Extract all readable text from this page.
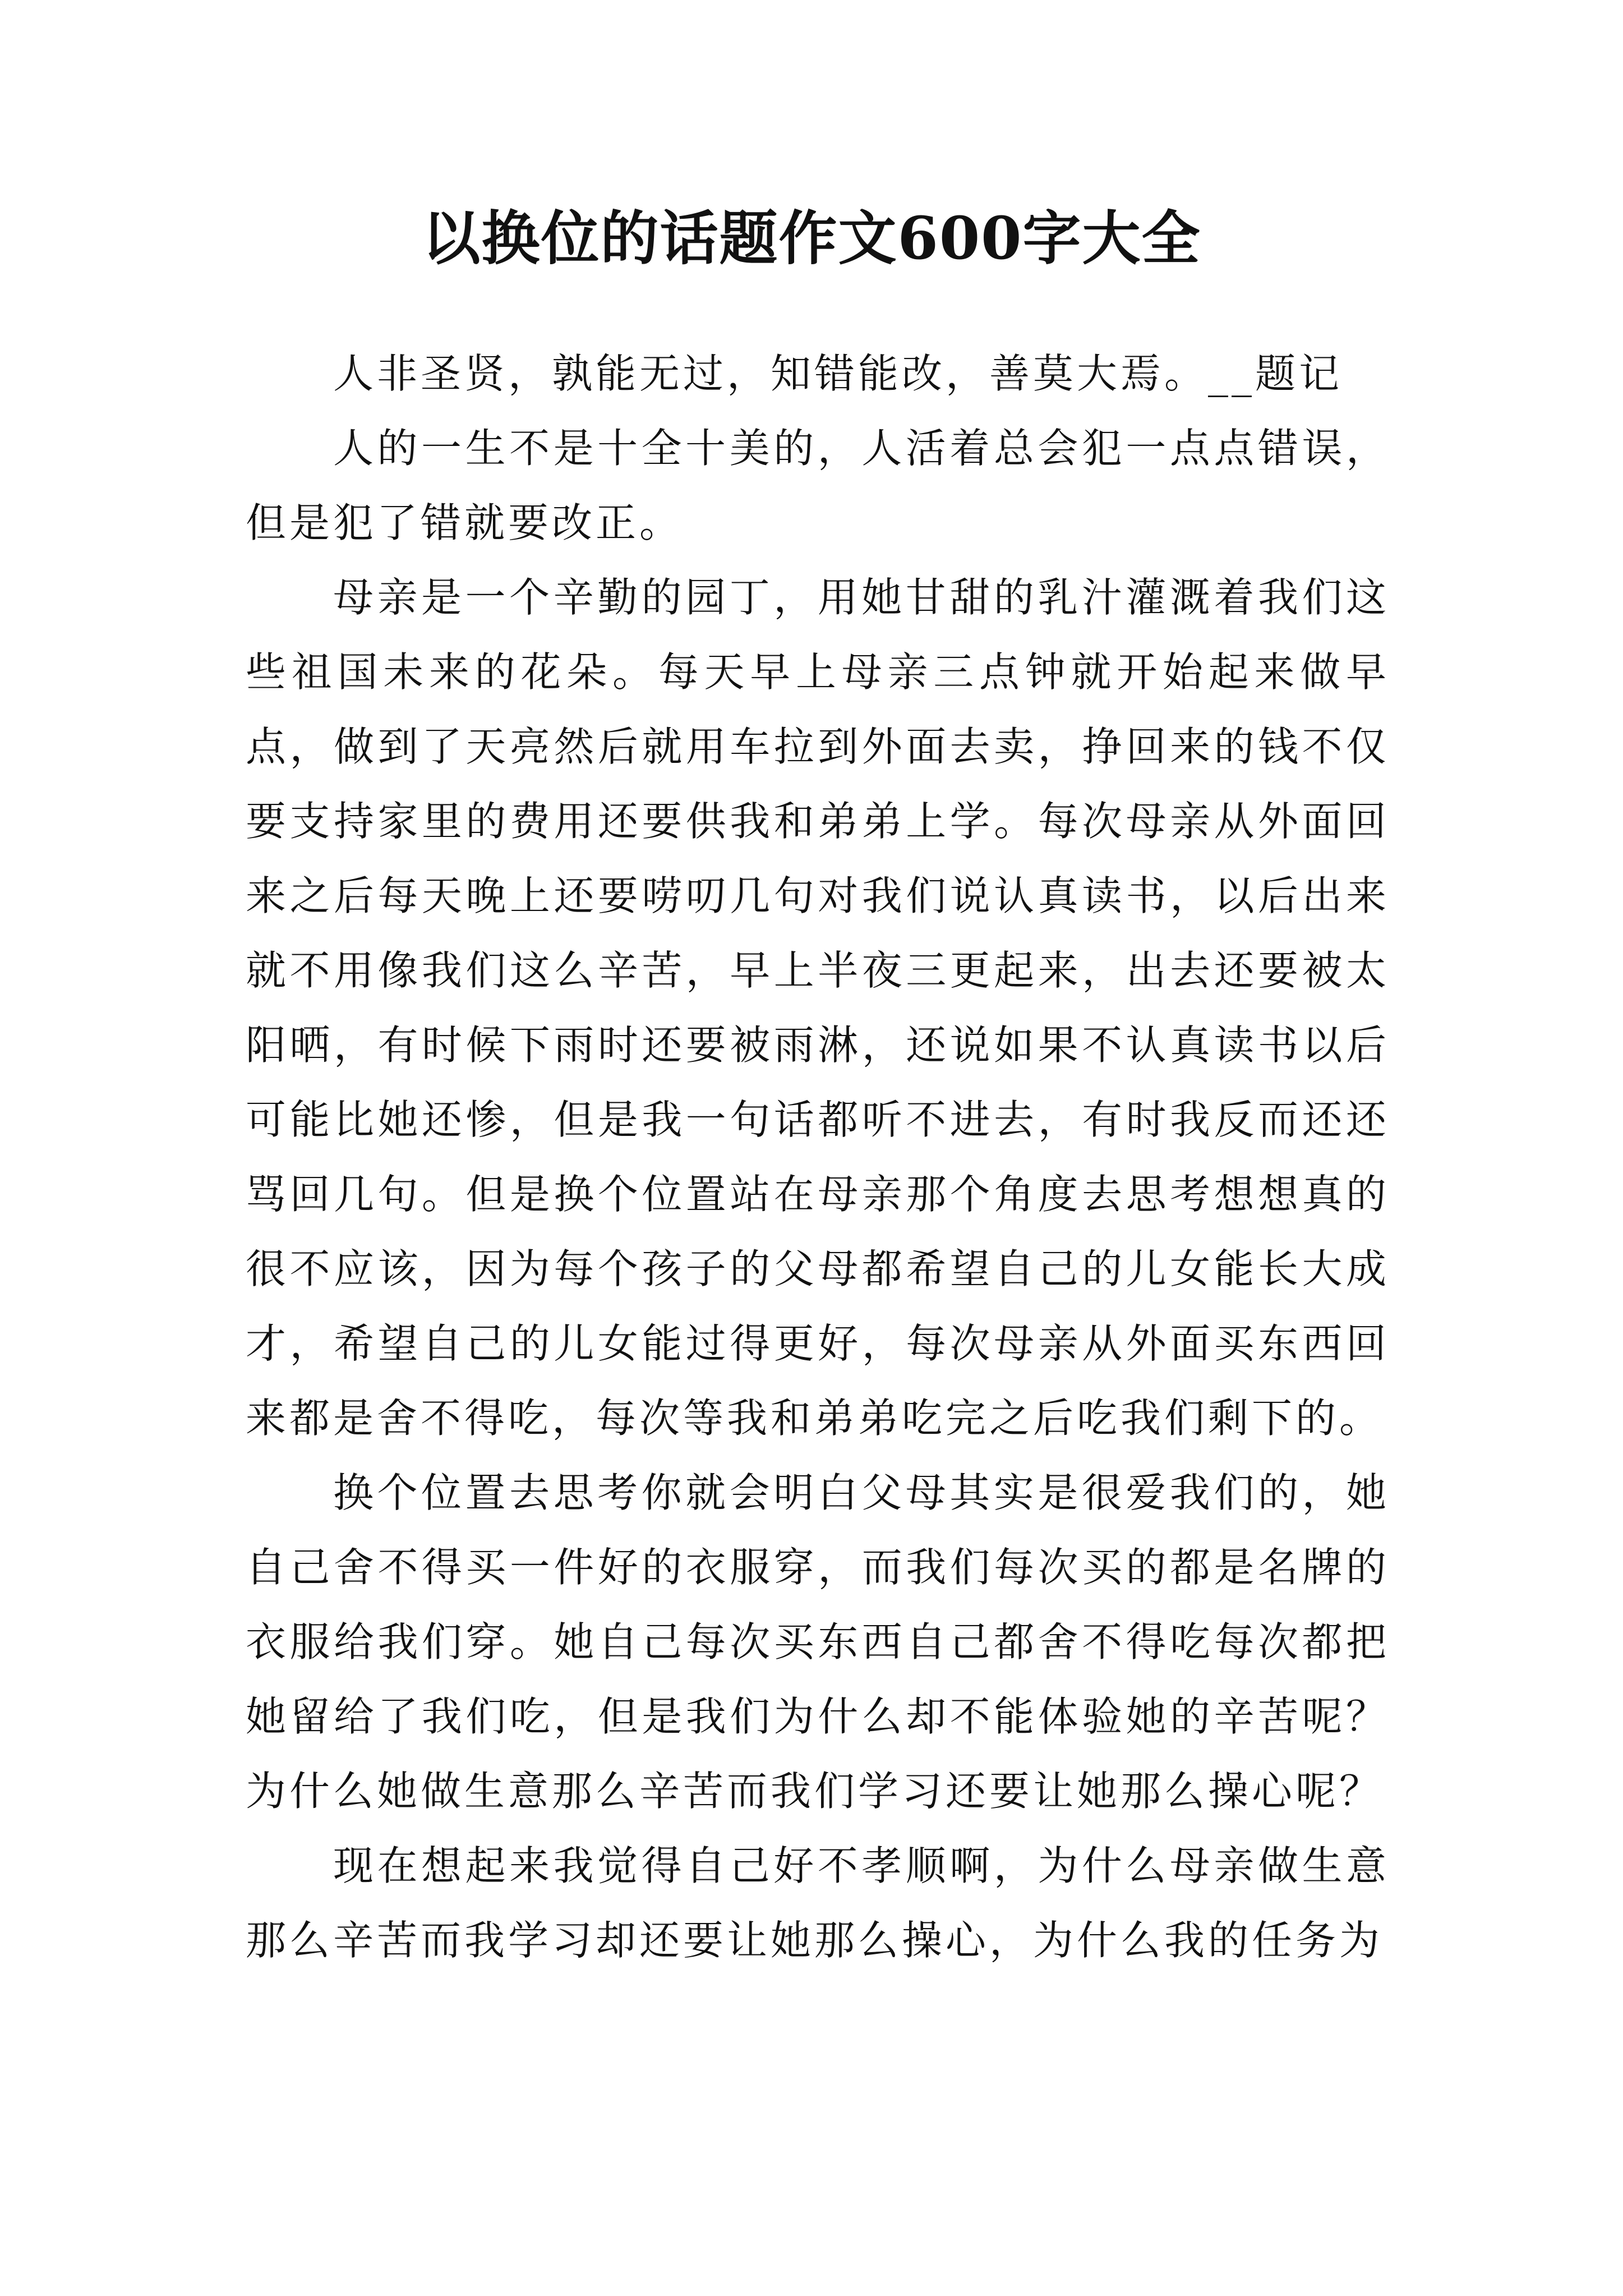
以换位的话题作文600字大全

人非圣贤，孰能无过，知错能改，善莫大焉。__题记

人的一生不是十全十美的，人活着总会犯一点点错误，但是犯了错就要改正。

母亲是一个辛勤的园丁，用她甘甜的乳汁灌溉着我们这些祖国未来的花朵。每天早上母亲三点钟就开始起来做早点，做到了天亮然后就用车拉到外面去卖，挣回来的钱不仅要支持家里的费用还要供我和弟弟上学。每次母亲从外面回来之后每天晚上还要唠叨几句对我们说认真读书，以后出来就不用像我们这么辛苦，早上半夜三更起来，出去还要被太阳晒，有时候下雨时还要被雨淋，还说如果不认真读书以后可能比她还惨，但是我一句话都听不进去，有时我反而还还骂回几句。但是换个位置站在母亲那个角度去思考想想真的很不应该，因为每个孩子的父母都希望自己的儿女能长大成才，希望自己的儿女能过得更好，每次母亲从外面买东西回来都是舍不得吃，每次等我和弟弟吃完之后吃我们剩下的。

换个位置去思考你就会明白父母其实是很爱我们的，她自己舍不得买一件好的衣服穿，而我们每次买的都是名牌的衣服给我们穿。她自己每次买东西自己都舍不得吃每次都把她留给了我们吃，但是我们为什么却不能体验她的辛苦呢？为什么她做生意那么辛苦而我们学习还要让她那么操心呢？

现在想起来我觉得自己好不孝顺啊，为什么母亲做生意那么辛苦而我学习却还要让她那么操心，为什么我的任务为
